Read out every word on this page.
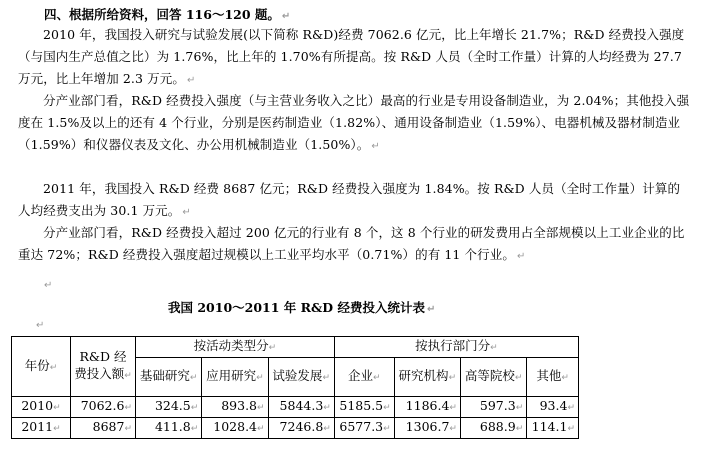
四、根据所给资料，回答 116～120 题。 ↵

2010 年，我国投入研究与试验发展(以下简称 R&D)经费 7062.6 亿元，比上年增长 21.7%；R&D 经费投入强度（与国内生产总值之比）为 1.76%，比上年的 1.70%有所提高。按 R&D 人员（全时工作量）计算的人均经费为 27.7 万元，比上年增加 2.3 万元。 ↵

分产业部门看，R&D 经费投入强度（与主营业务收入之比）最高的行业是专用设备制造业，为 2.04%；其他投入强度在 1.5%及以上的还有 4 个行业，分别是医药制造业（1.82%）、通用设备制造业（1.59%）、电器机械及器材制造业（1.59%）和仪器仪表及文化、办公用机械制造业（1.50%）。 ↵

2011 年，我国投入 R&D 经费 8687 亿元；R&D 经费投入强度为 1.84%。按 R&D 人员（全时工作量）计算的人均经费支出为 30.1 万元。 ↵

分产业部门看，R&D 经费投入超过 200 亿元的行业有 8 个，这 8 个行业的研发费用占全部规模以上工业企业的比重达 72%；R&D 经费投入强度超过规模以上工业平均水平（0.71%）的有 11 个行业。 ↵

↵
我国 2010～2011 年 R&D 经费投入统计表 ↵
↵
年份↵	R&D 经费投入额↵	按活动类型分↵			按执行部门分↵			
		基础研究↵	应用研究↵	试验发展↵	企业↵	研究机构↵	高等院校↵	其他↵
2010↵	7062.6↵	324.5↵	893.8↵	5844.3↵	5185.5↵	1186.4↵	597.3↵	93.4↵
2011↵	8687↵	411.8↵	1028.4↵	7246.8↵	6577.3↵	1306.7↵	688.9↵	114.1↵
